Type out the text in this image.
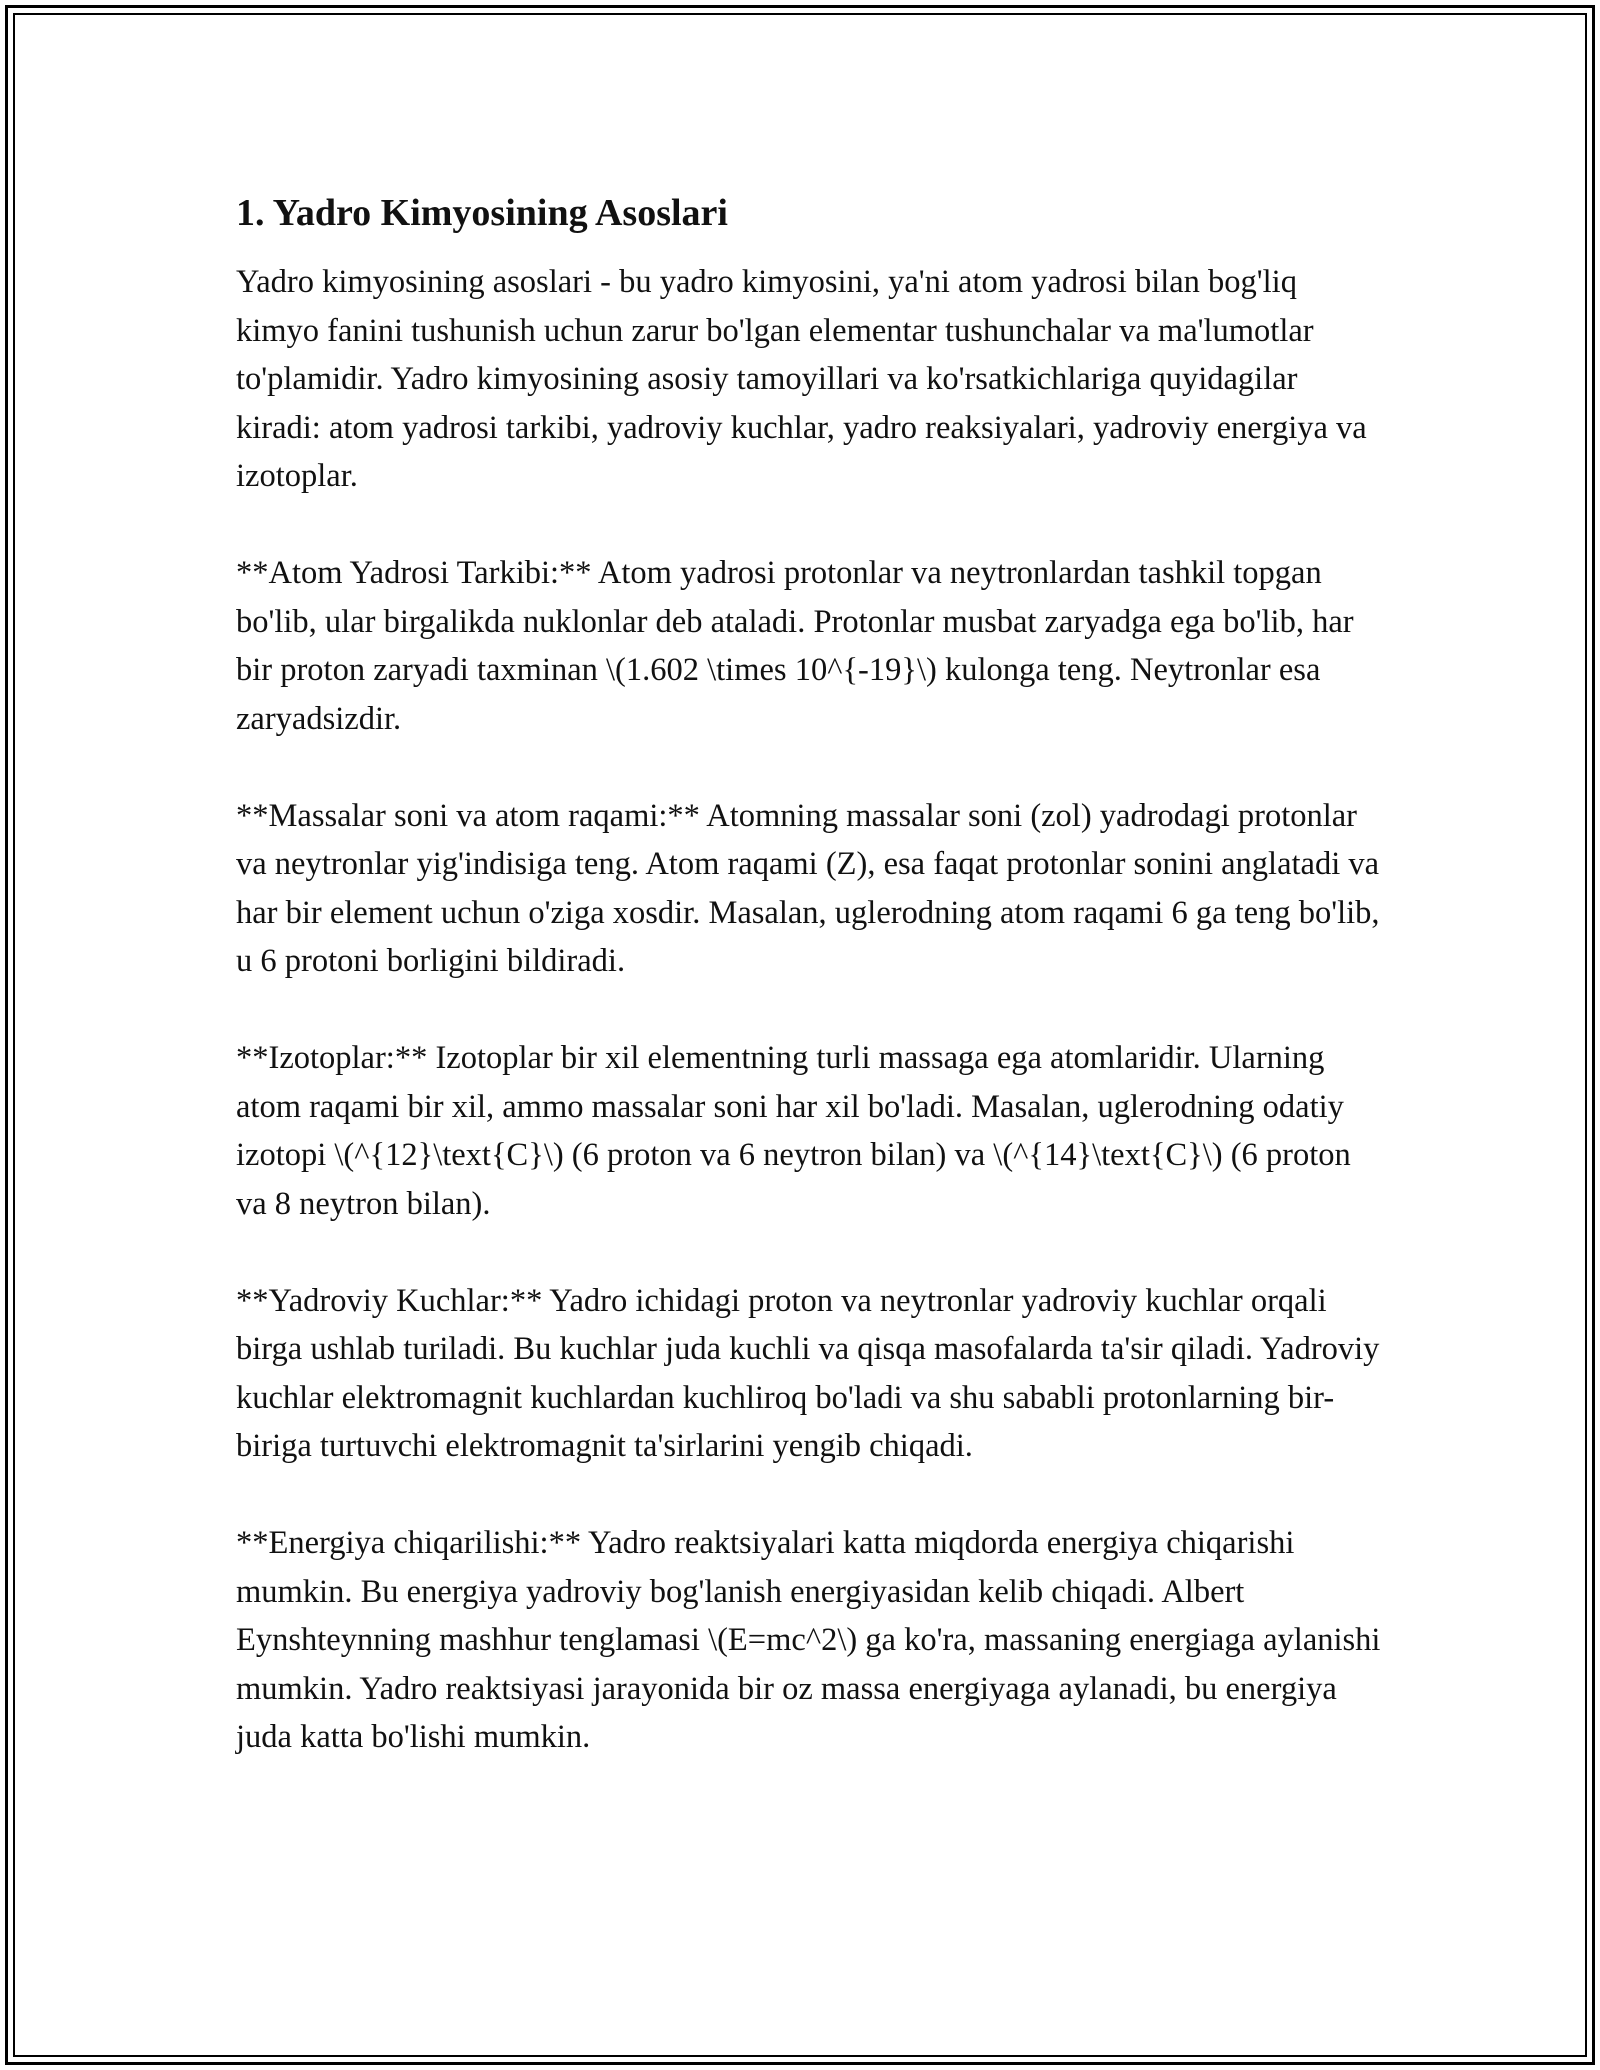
1. Yadro Kimyosining Asoslari

Yadro kimyosining asoslari - bu yadro kimyosini, ya'ni atom yadrosi bilan bog'liq kimyo fanini tushunish uchun zarur bo'lgan elementar tushunchalar va ma'lumotlar to'plamidir. Yadro kimyosining asosiy tamoyillari va ko'rsatkichlariga quyidagilar kiradi: atom yadrosi tarkibi, yadroviy kuchlar, yadro reaksiyalari, yadroviy energiya va izotoplar.

**Atom Yadrosi Tarkibi:** Atom yadrosi protonlar va neytronlardan tashkil topgan bo'lib, ular birgalikda nuklonlar deb ataladi. Protonlar musbat zaryadga ega bo'lib, har bir proton zaryadi taxminan \(1.602 \times 10^{-19}\) kulonga teng. Neytronlar esa zaryadsizdir.

**Massalar soni va atom raqami:** Atomning massalar soni (zol) yadrodagi protonlar va neytronlar yig'indisiga teng. Atom raqami (Z), esa faqat protonlar sonini anglatadi va har bir element uchun o'ziga xosdir. Masalan, uglerodning atom raqami 6 ga teng bo'lib, u 6 protoni borligini bildiradi.

**Izotoplar:** Izotoplar bir xil elementning turli massaga ega atomlaridir. Ularning atom raqami bir xil, ammo massalar soni har xil bo'ladi. Masalan, uglerodning odatiy izotopi \(^{12}\text{C}\) (6 proton va 6 neytron bilan) va \(^{14}\text{C}\) (6 proton va 8 neytron bilan).

**Yadroviy Kuchlar:** Yadro ichidagi proton va neytronlar yadroviy kuchlar orqali birga ushlab turiladi. Bu kuchlar juda kuchli va qisqa masofalarda ta'sir qiladi. Yadroviy kuchlar elektromagnit kuchlardan kuchliroq bo'ladi va shu sababli protonlarning bir-biriga turtuvchi elektromagnit ta'sirlarini yengib chiqadi.

**Energiya chiqarilishi:** Yadro reaktsiyalari katta miqdorda energiya chiqarishi mumkin. Bu energiya yadroviy bog'lanish energiyasidan kelib chiqadi. Albert Eynshteynning mashhur tenglamasi \(E=mc^2\) ga ko'ra, massaning energiaga aylanishi mumkin. Yadro reaktsiyasi jarayonida bir oz massa energiyaga aylanadi, bu energiya juda katta bo'lishi mumkin.
